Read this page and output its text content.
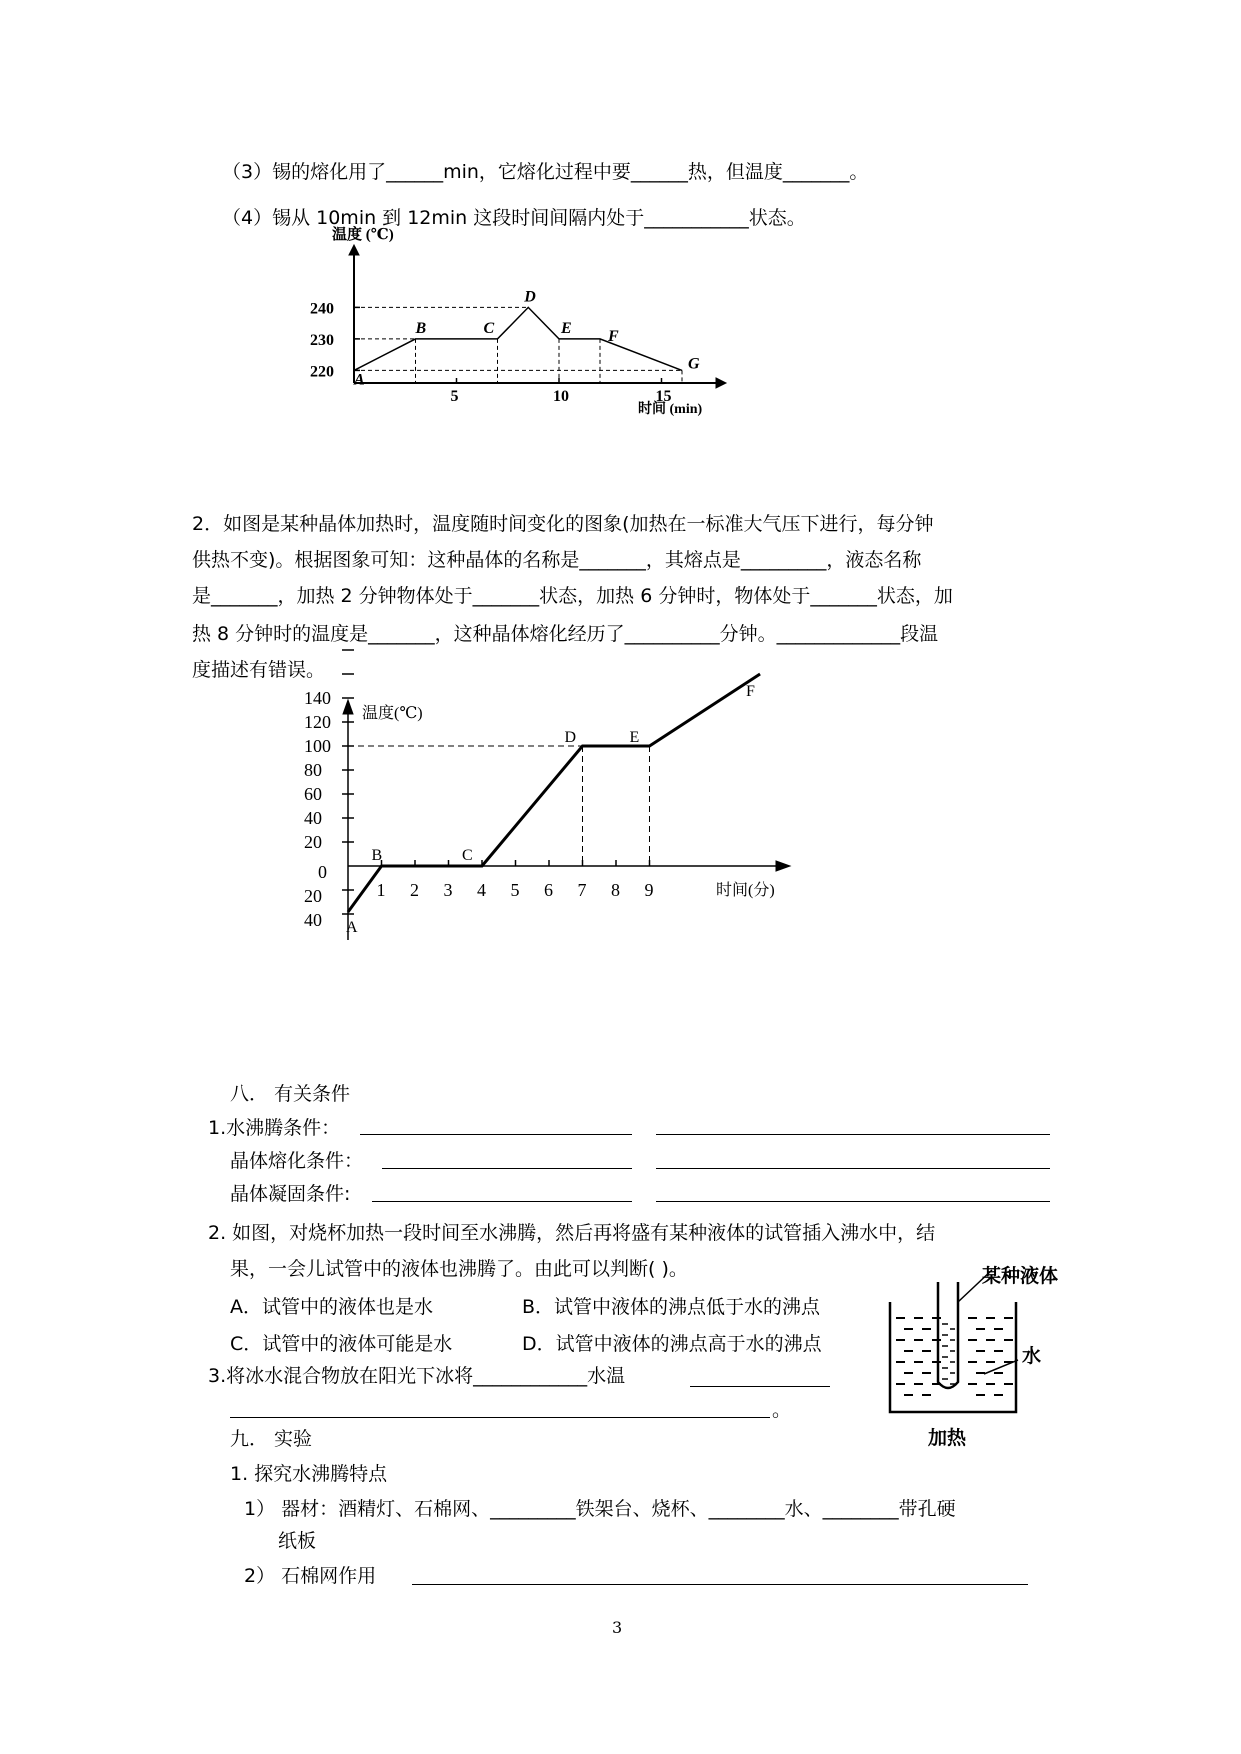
（3）锡的熔化用了______min，它熔化过程中要______热，但温度_______。
（4）锡从 10min 到 12min 这段时间间隔内处于___________状态。
温度 (℃)
时间 (min)
220
230
240
5	10	15
A
B	C
D
E F
G
2．如图是某种晶体加热时，温度随时间变化的图象(加热在一标准大气压下进行，每分钟
供热不变)。根据图象可知：这种晶体的名称是_______，其熔点是_________，液态名称
是_______，加热 2 分钟物体处于_______状态，加热 6 分钟时，物体处于_______状态，加
热 8 分钟时的温度是_______，这种晶体熔化经历了__________分钟。_____________段温
度描述有错误。
温度(℃)
时间(分)
20
40
60
80
100
120
140
0
20
40
1 2 3 4 5 6 7 8 9
A
B	C
D	E
F
八． 有关条件
1.水沸腾条件：
晶体熔化条件：
晶体凝固条件:
2. 如图，对烧杯加热一段时间至水沸腾，然后再将盛有某种液体的试管插入沸水中，结
果，一会儿试管中的液体也沸腾了。由此可以判断( )。
A．试管中的液体也是水	B．试管中液体的沸点低于水的沸点
C．试管中的液体可能是水	D．试管中液体的沸点高于水的沸点
3.将冰水混合物放在阳光下冰将____________水温
。
某种液体
水
加热
九． 实验
1. 探究水沸腾特点
1） 器材：酒精灯、石棉网、_________铁架台、烧杯、________水、________带孔硬
纸板
2） 石棉网作用
3
